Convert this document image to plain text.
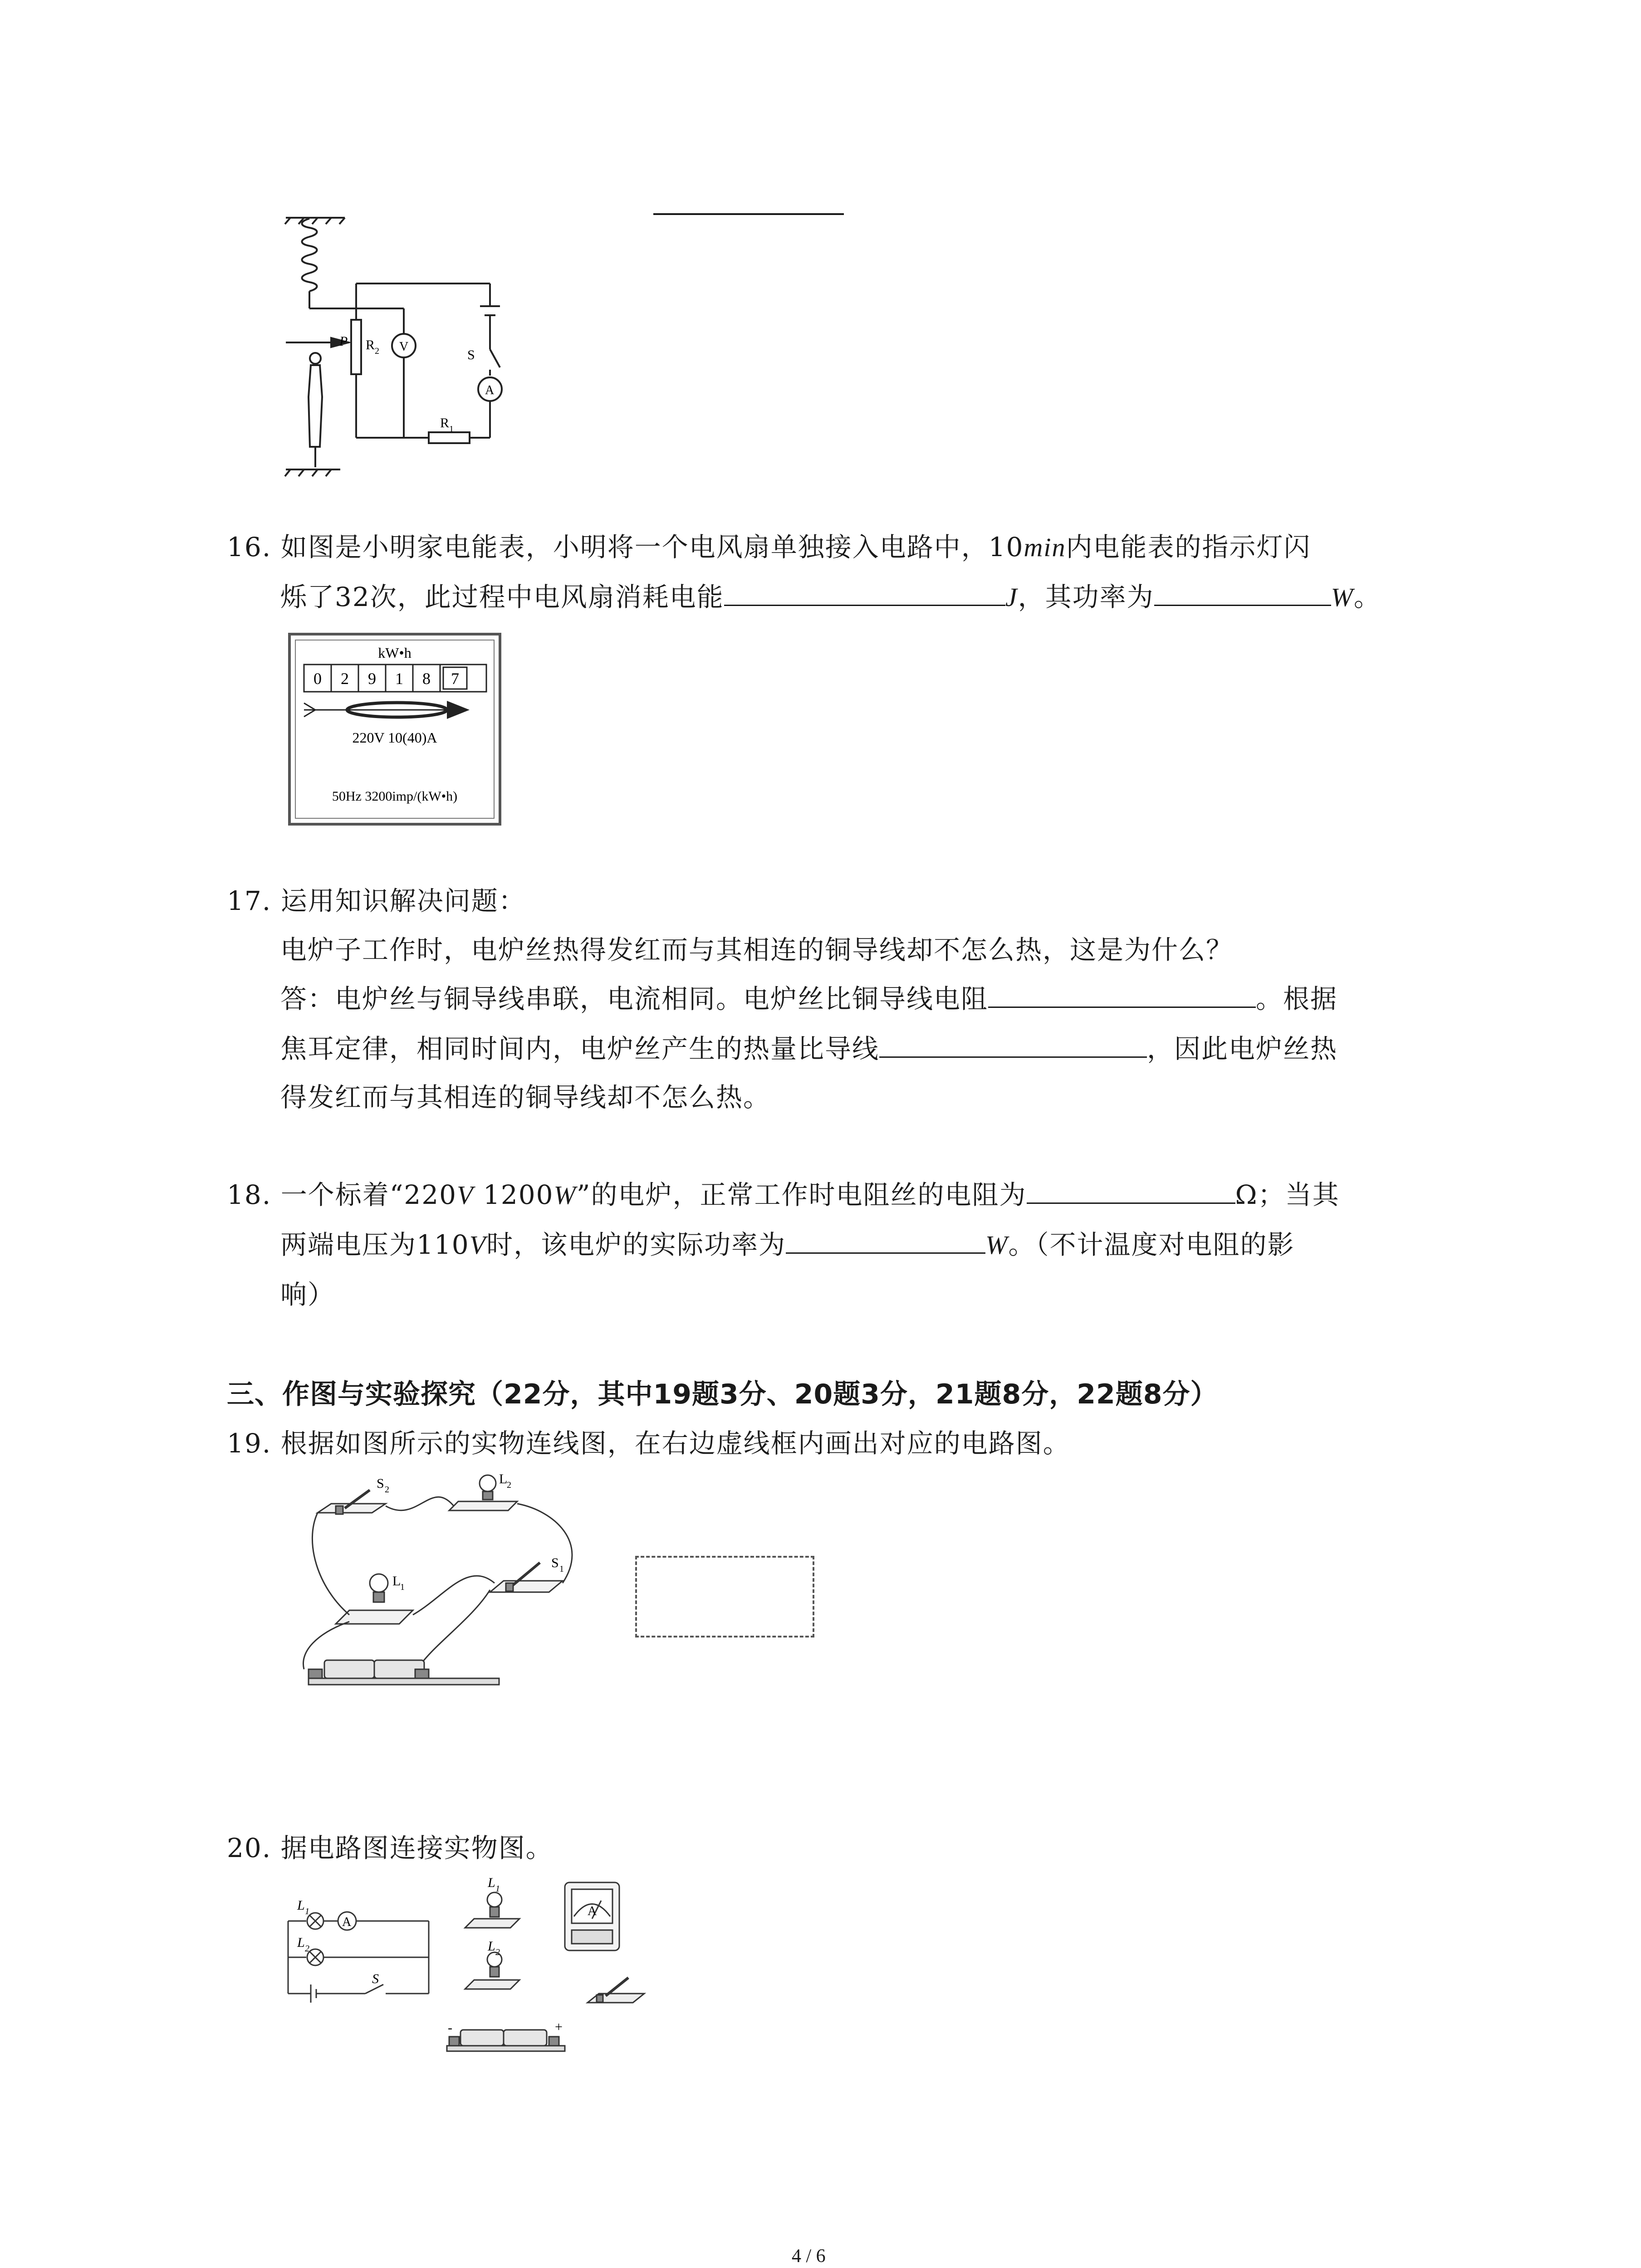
P R 2 V
S
A
R 1
16. 如图是小明家电能表，小明将一个电风扇单独接入电路中，10min内电能表的指示灯闪
烁了32次，此过程中电风扇消耗电能	J，其功率为	W。
kW•h
0 2 9 1 8 7
220V 10(40)A
50Hz 3200imp/(kW•h)
17. 运用知识解决问题：
电炉子工作时，电炉丝热得发红而与其相连的铜导线却不怎么热，这是为什么？
答：电炉丝与铜导线串联，电流相同。电炉丝比铜导线电阻	。根据
焦耳定律，相同时间内，电炉丝产生的热量比导线	，因此电炉丝热
得发红而与其相连的铜导线却不怎么热。
18. 一个标着“220V 1200W”的电炉，正常工作时电阻丝的电阻为	Ω；当其
两端电压为110V时，该电炉的实际功率为	W。（不计温度对电阻的影
响）
三、作图与实验探究（22分，其中19题3分、20题3分，21题8分，22题8分）
19. 根据如图所示的实物连线图，在右边虚线框内画出对应的电路图。
S 2
L
2
L
1
S 1
20. 据电路图连接实物图。
L 1
A
L 2
S
L 1
L 2
A
-	+
4 / 6
